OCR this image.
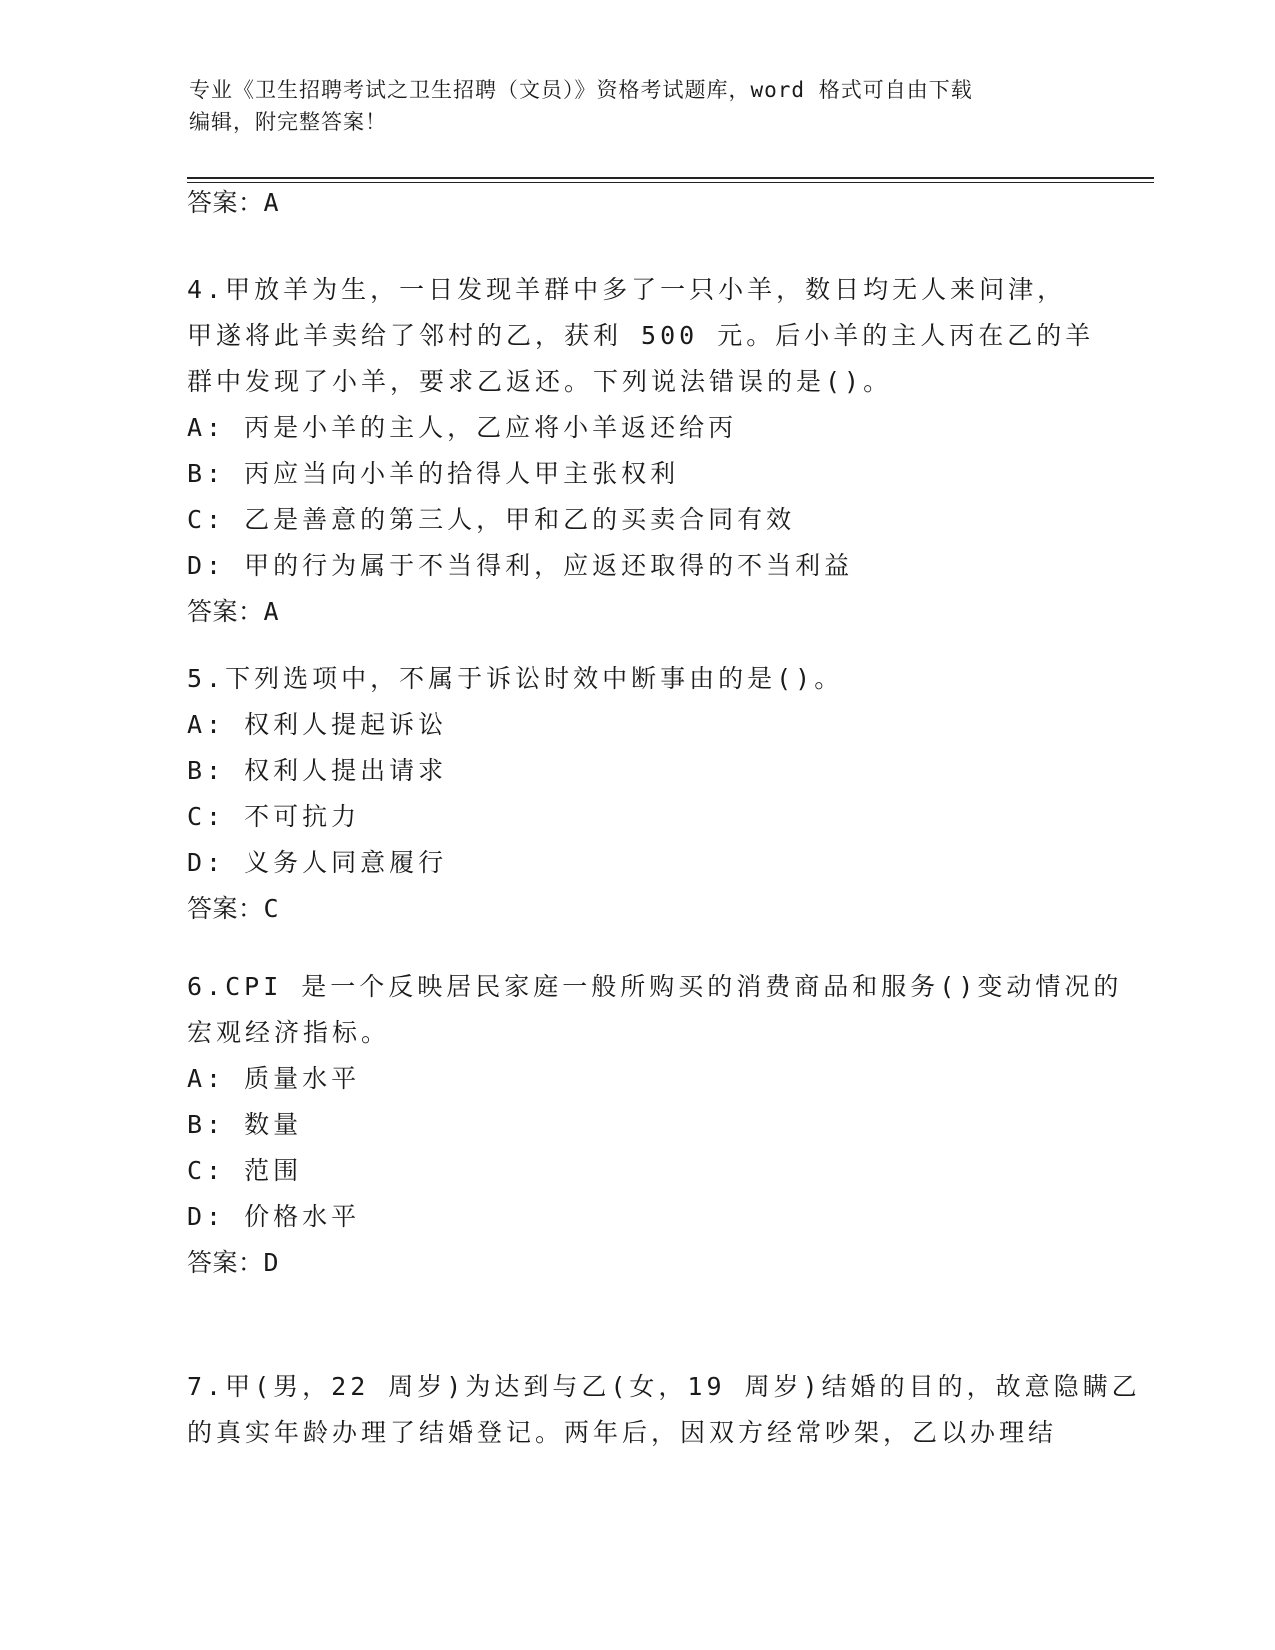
专业《卫生招聘考试之卫生招聘（文员）》资格考试题库，word 格式可自由下载
编辑，附完整答案！
答案：A
4.甲放羊为生，一日发现羊群中多了一只小羊，数日均无人来问津，
甲遂将此羊卖给了邻村的乙，获利 500 元。后小羊的主人丙在乙的羊
群中发现了小羊，要求乙返还。下列说法错误的是()。
A: 丙是小羊的主人，乙应将小羊返还给丙
B: 丙应当向小羊的拾得人甲主张权利
C: 乙是善意的第三人，甲和乙的买卖合同有效
D: 甲的行为属于不当得利，应返还取得的不当利益
答案：A
5.下列选项中，不属于诉讼时效中断事由的是()。
A: 权利人提起诉讼
B: 权利人提出请求
C: 不可抗力
D: 义务人同意履行
答案：C
6.CPI 是一个反映居民家庭一般所购买的消费商品和服务()变动情况的
宏观经济指标。
A: 质量水平
B: 数量
C: 范围
D: 价格水平
答案：D
7.甲(男，22 周岁)为达到与乙(女，19 周岁)结婚的目的，故意隐瞒乙
的真实年龄办理了结婚登记。两年后，因双方经常吵架，乙以办理结
